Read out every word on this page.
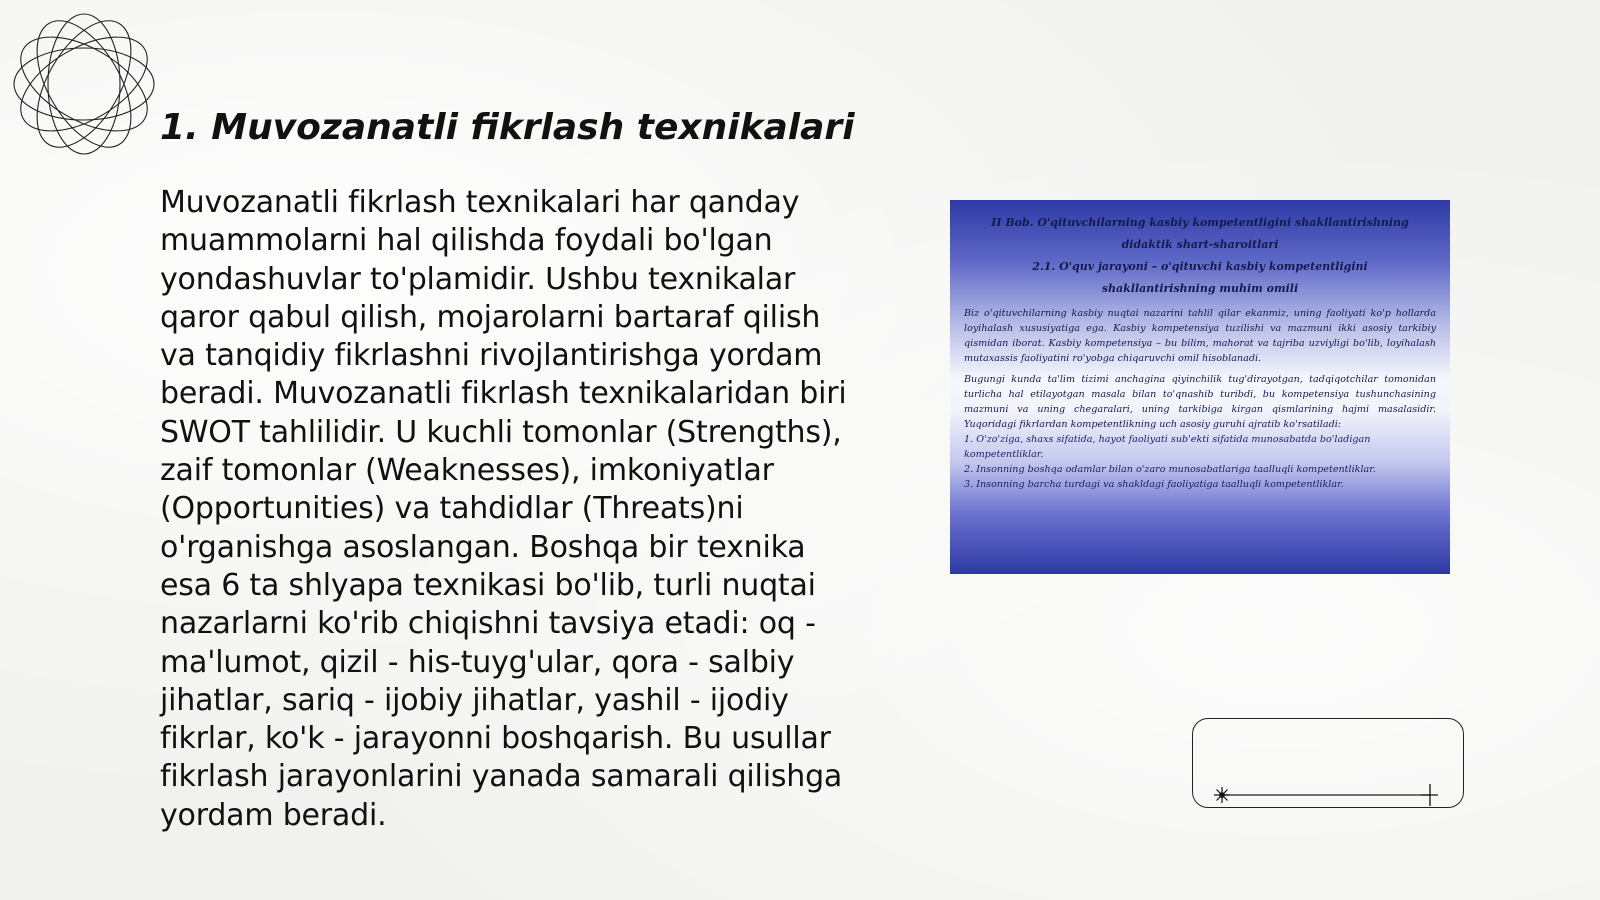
1. Muvozanatli fikrlash texnikalari

Muvozanatli fikrlash texnikalari har qanday muammolarni hal qilishda foydali bo'lgan yondashuvlar to'plamidir. Ushbu texnikalar qaror qabul qilish, mojarolarni bartaraf qilish va tanqidiy fikrlashni rivojlantirishga yordam beradi. Muvozanatli fikrlash texnikalaridan biri SWOT tahlilidir. U kuchli tomonlar (Strengths), zaif tomonlar (Weaknesses), imkoniyatlar (Opportunities) va tahdidlar (Threats)ni o'rganishga asoslangan. Boshqa bir texnika esa 6 ta shlyapa texnikasi bo'lib, turli nuqtai nazarlarni ko'rib chiqishni tavsiya etadi: oq - ma'lumot, qizil - his-tuyg'ular, qora - salbiy jihatlar, sariq - ijobiy jihatlar, yashil - ijodiy fikrlar, ko'k - jarayonni boshqarish. Bu usullar fikrlash jarayonlarini yanada samarali qilishga yordam beradi.

II Bob. O'qituvchilarning kasbiy kompetentligini shakllantirishning
didaktik shart-sharoitlari
2.1. O'quv jarayoni – o'qituvchi kasbiy kompetentligini
shakllantirishning muhim omili

Biz o'qituvchilarning kasbiy nuqtai nazarini tahlil qilar ekanmiz, uning faoliyati ko'p hollarda loyihalash xususiyatiga ega. Kasbiy kompetensiya tuzilishi va mazmuni ikki asosiy tarkibiy qismidan iborat. Kasbiy kompetensiya – bu bilim, mahorat va tajriba uzviyligi bo'lib, loyihalash mutaxassis faoliyatini ro'yobga chiqaruvchi omil hisoblanadi.

Bugungi kunda ta'lim tizimi anchagina qiyinchilik tug'dirayotgan, tadqiqotchilar tomonidan turlicha hal etilayotgan masala bilan to'qnashib turibdi, bu kompetensiya tushunchasining mazmuni va uning chegaralari, uning tarkibiga kirgan qismlarining hajmi masalasidir. Yuqoridagi fikrlardan kompetentlikning uch asosiy guruhi ajratib ko'rsatiladi:

1. O'zo'ziga, shaxs sifatida, hayot faoliyati sub'ekti sifatida munosabatda bo'ladigan kompetentliklar.
2. Insonning boshqa odamlar bilan o'zaro munosabatlariga taalluqli kompetentliklar.
3. Insonning barcha turdagi va shakldagi faoliyatiga taalluqli kompetentliklar.
